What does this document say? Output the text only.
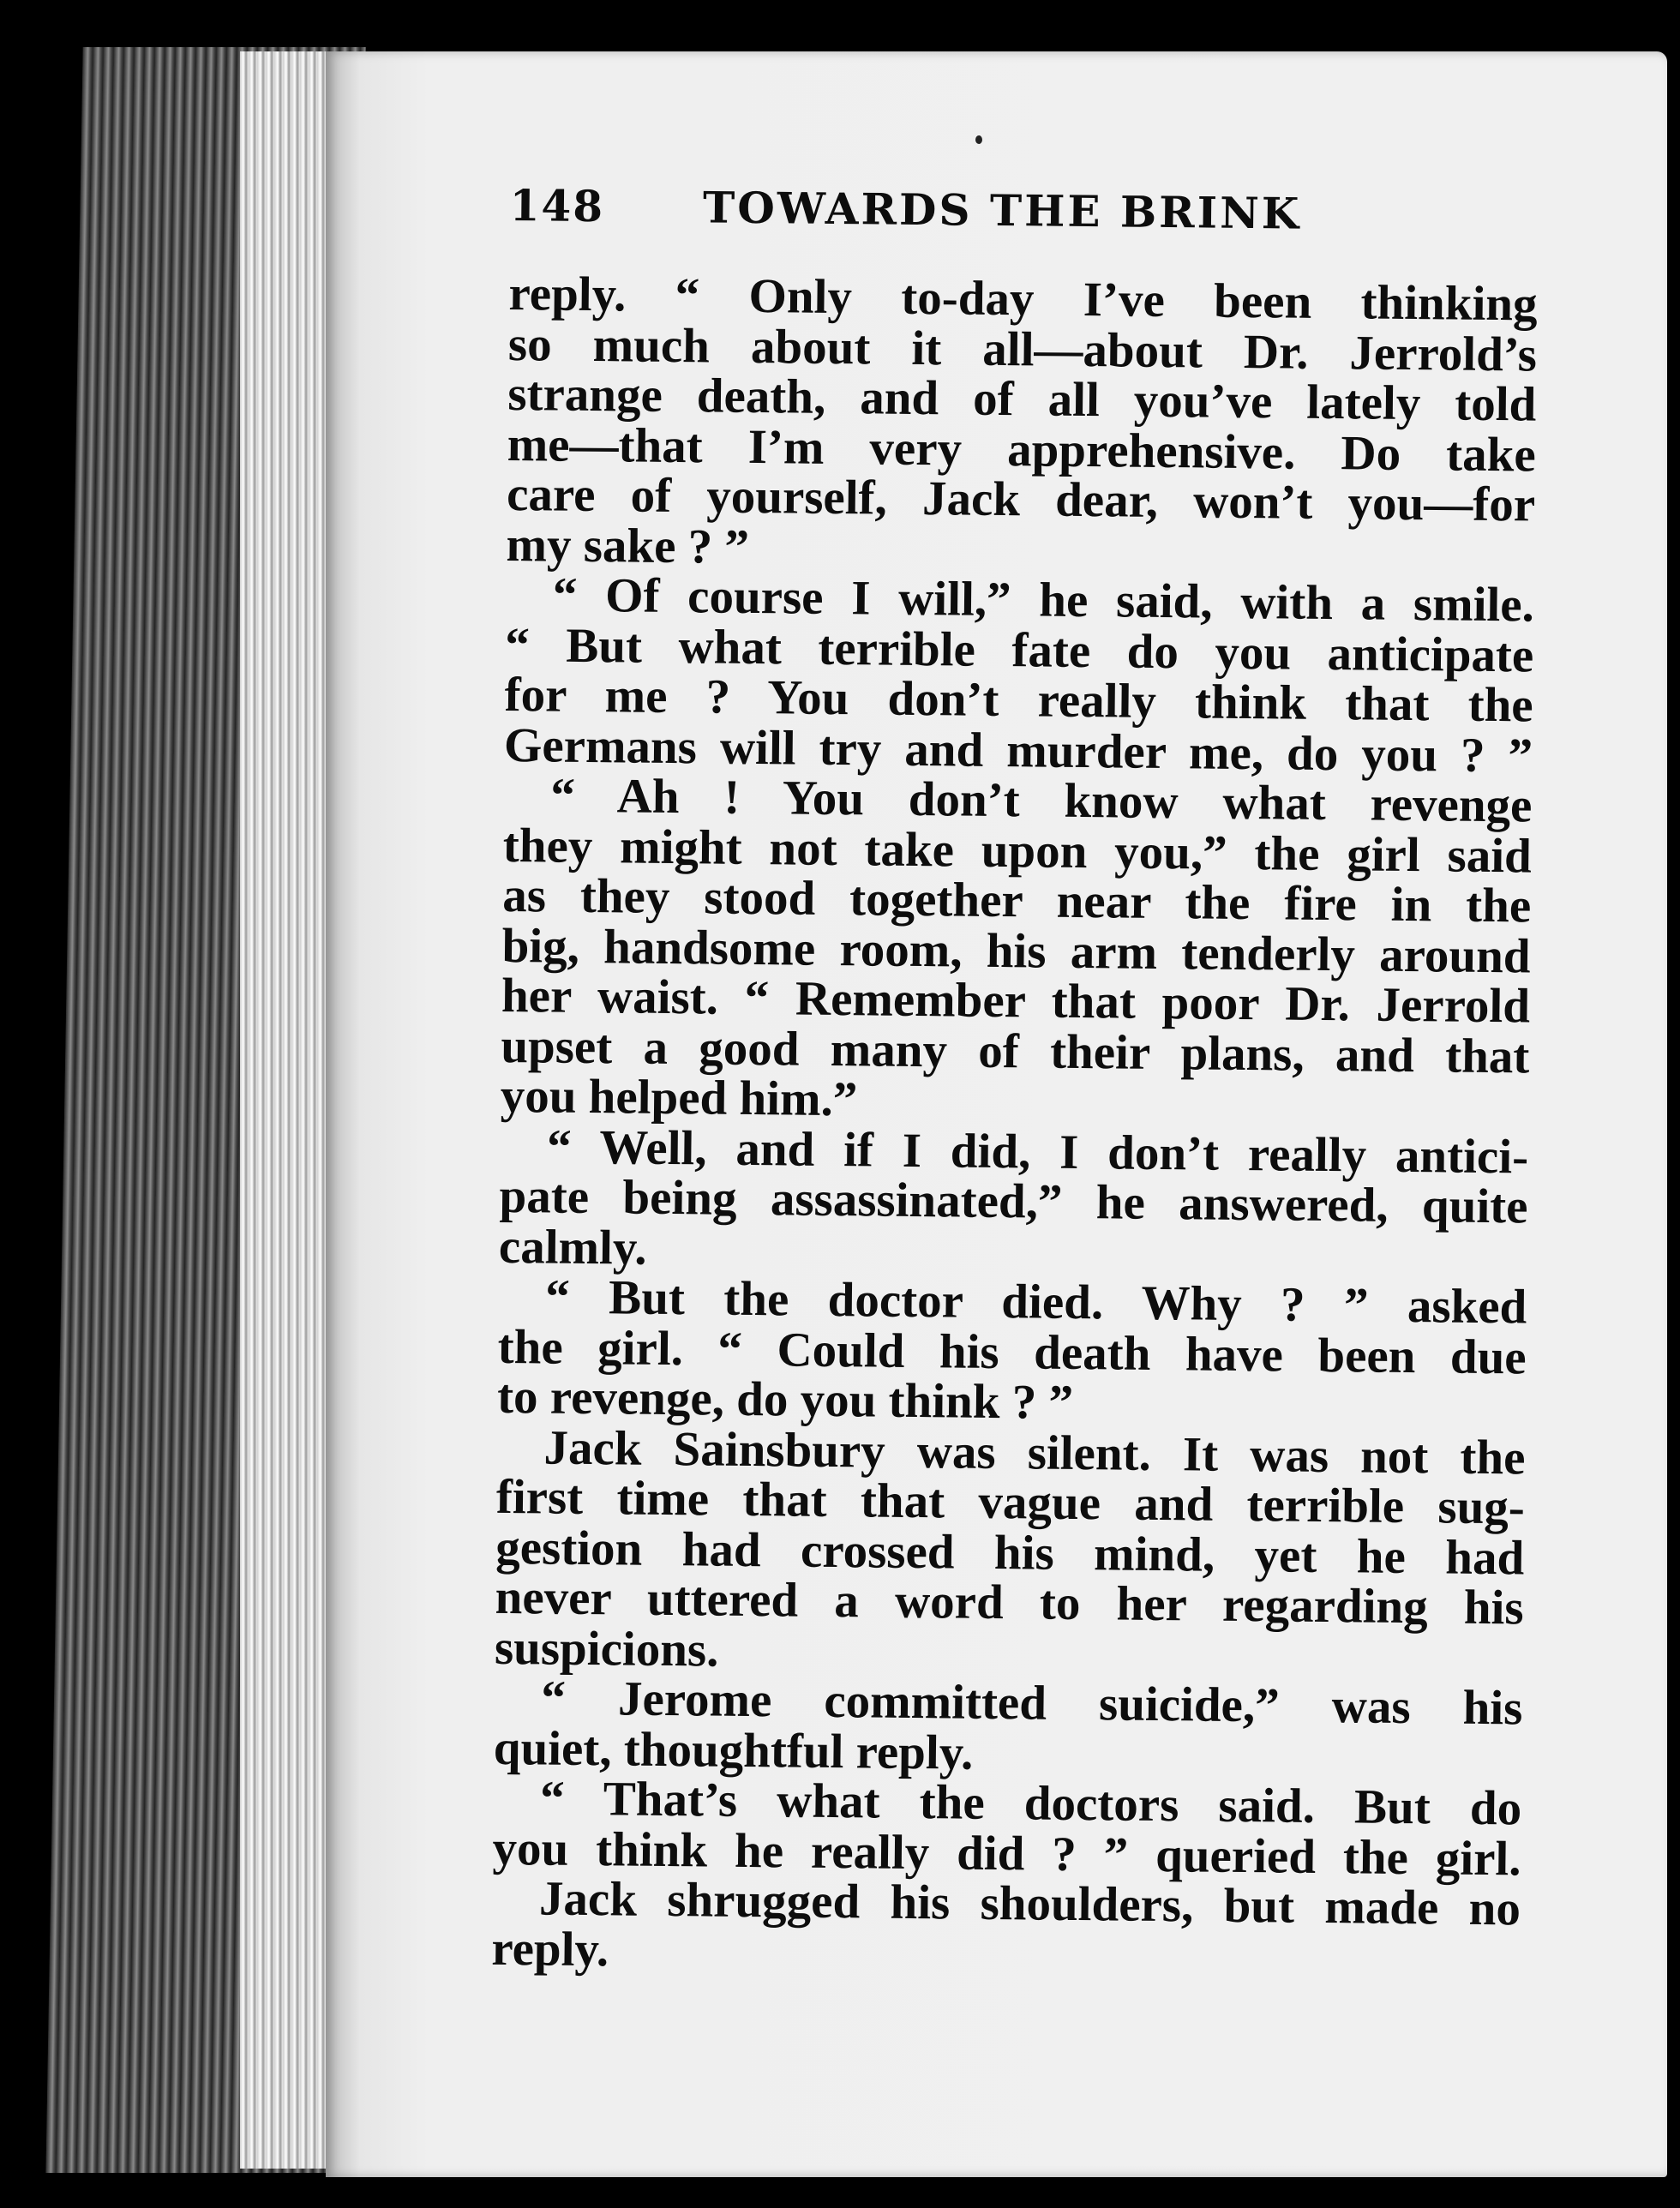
148 TOWARDS THE BRINK
reply. “ Only to-day I’ve been thinking
so much about it all—about Dr. Jerrold’s
strange death, and of all you’ve lately told
me—that I’m very apprehensive. Do take
care of yourself, Jack dear, won’t you—for
my sake ? ”
“ Of course I will,” he said, with a smile.
“ But what terrible fate do you anticipate
for me ? You don’t really think that the
Germans will try and murder me, do you ? ”
“ Ah ! You don’t know what revenge
they might not take upon you,” the girl said
as they stood together near the fire in the
big, handsome room, his arm tenderly around
her waist. “ Remember that poor Dr. Jerrold
upset a good many of their plans, and that
you helped him.”
“ Well, and if I did, I don’t really antici-
pate being assassinated,” he answered, quite
calmly.
“ But the doctor died. Why ? ” asked
the girl. “ Could his death have been due
to revenge, do you think ? ”
Jack Sainsbury was silent. It was not the
first time that that vague and terrible sug-
gestion had crossed his mind, yet he had
never uttered a word to her regarding his
suspicions.
“ Jerome committed suicide,” was his
quiet, thoughtful reply.
“ That’s what the doctors said. But do
you think he really did ? ” queried the girl.
Jack shrugged his shoulders, but made no
reply.
